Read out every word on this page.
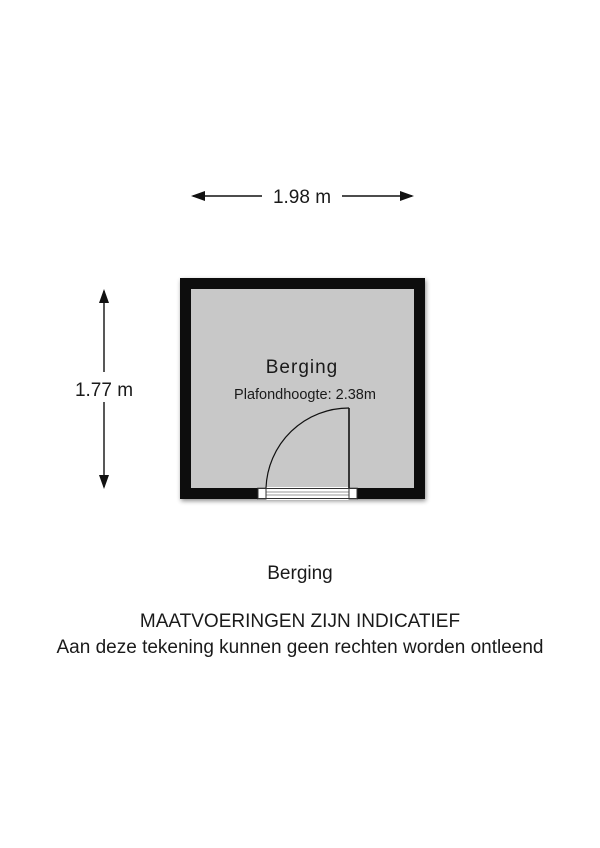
1.98 m
1.77 m
Berging
Plafondhoogte: 2.38m
Berging
MAATVOERINGEN ZIJN INDICATIEF
Aan deze tekening kunnen geen rechten worden ontleend
